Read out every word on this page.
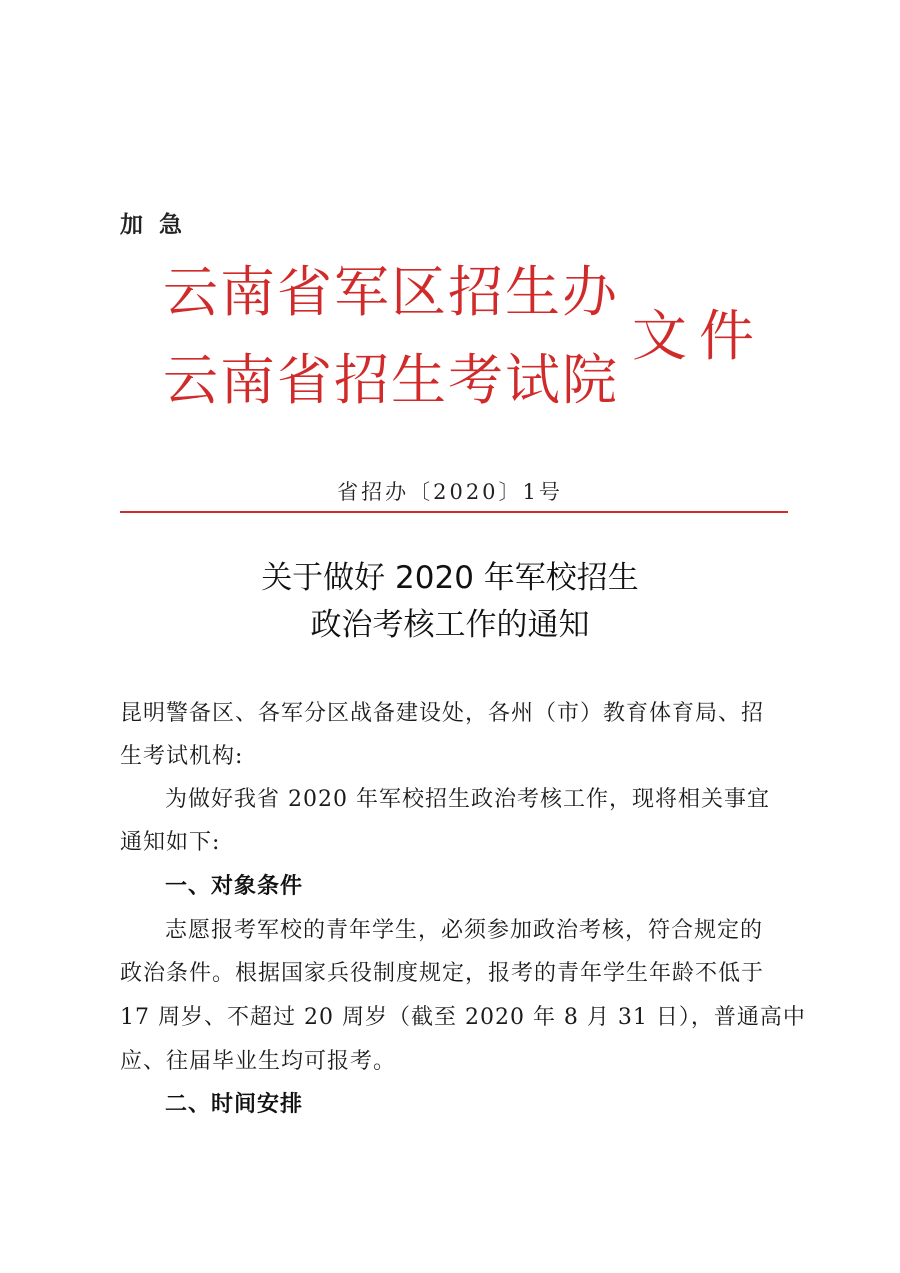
加急
云南省军区招生办
云南省招生考试院
文件
省招办〔2020〕1号
关于做好 2020 年军校招生
政治考核工作的通知
昆明警备区、各军分区战备建设处，各州（市）教育体育局、招
生考试机构:
为做好我省 2020 年军校招生政治考核工作，现将相关事宜
通知如下:
一、对象条件
志愿报考军校的青年学生，必须参加政治考核，符合规定的
政治条件。根据国家兵役制度规定，报考的青年学生年龄不低于
17 周岁、不超过 20 周岁（截至 2020 年 8 月 31 日），普通高中
应、往届毕业生均可报考。
二、时间安排
